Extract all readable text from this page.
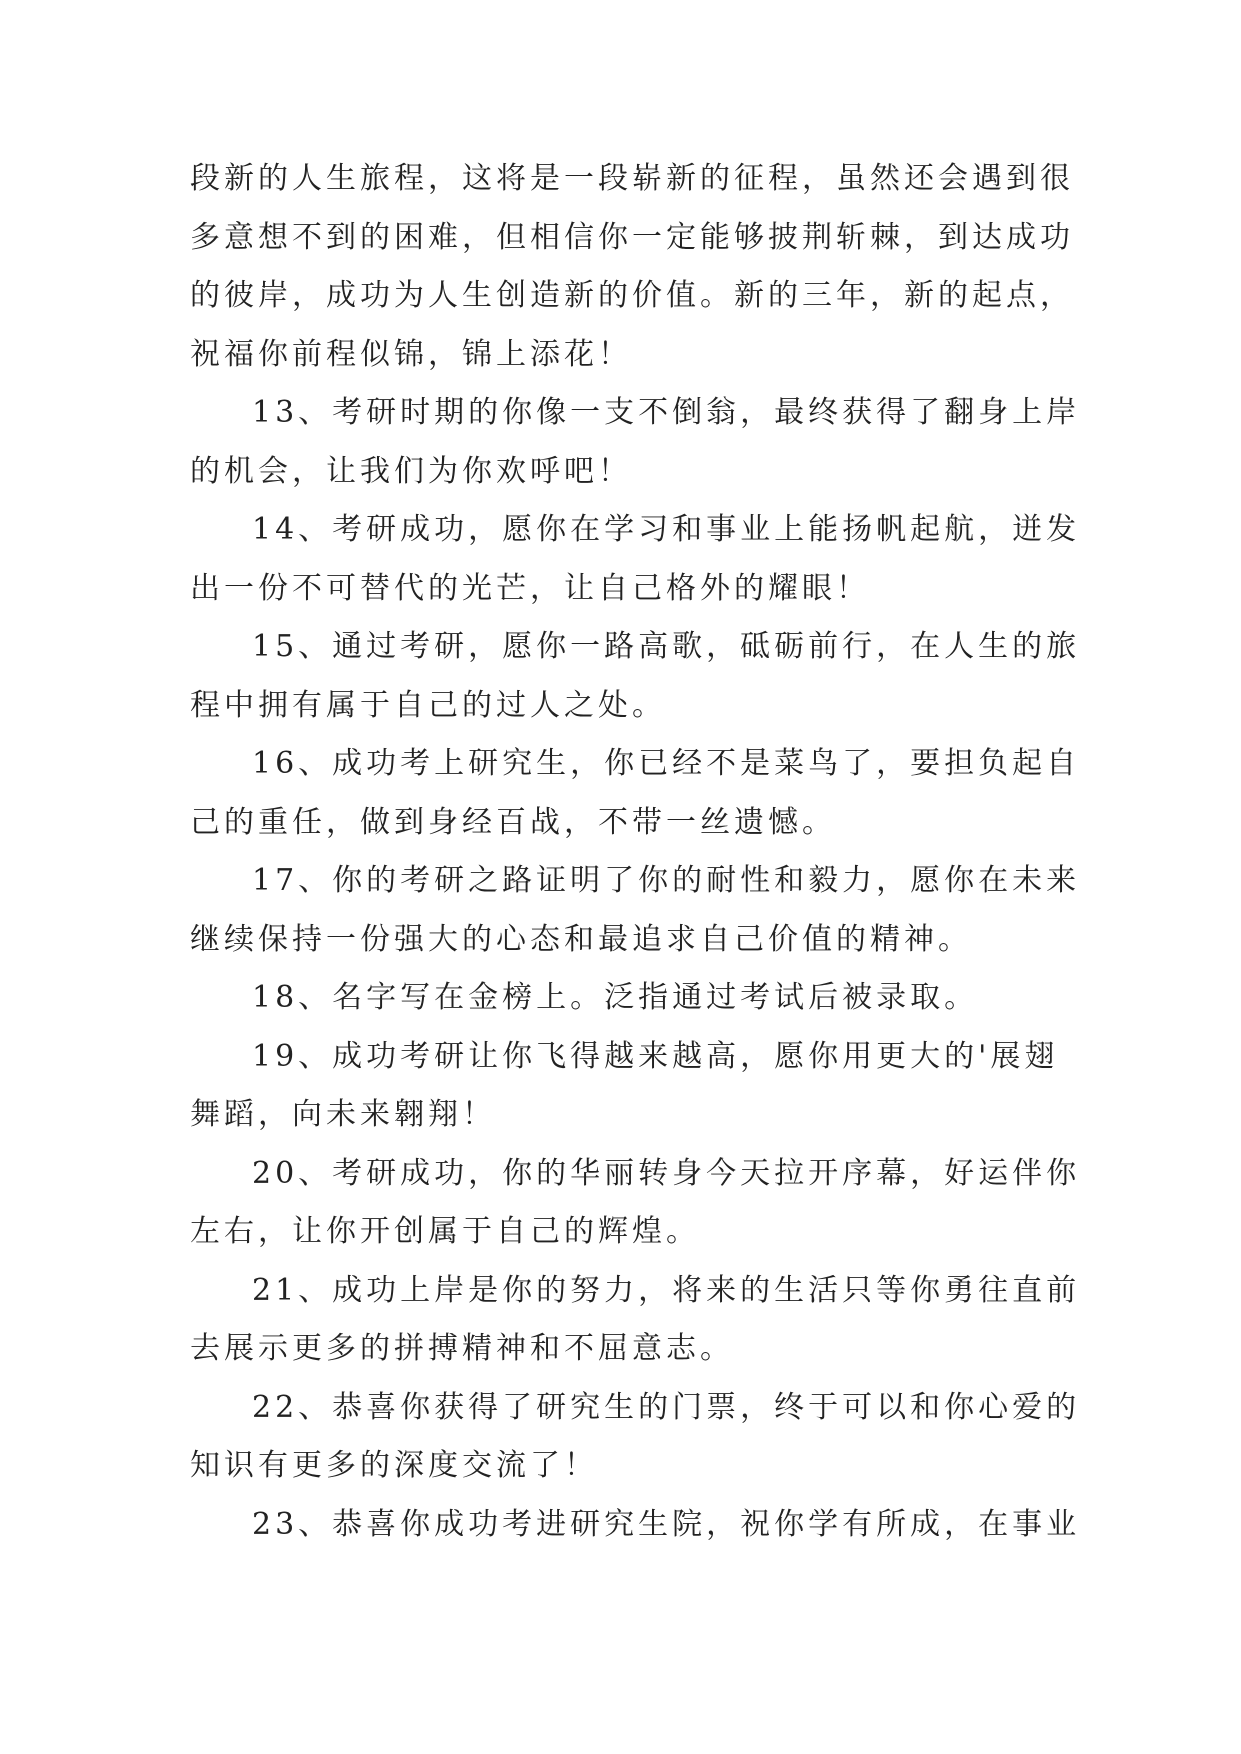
段新的人生旅程，这将是一段崭新的征程，虽然还会遇到很
多意想不到的困难，但相信你一定能够披荆斩棘，到达成功
的彼岸，成功为人生创造新的价值。新的三年，新的起点，
祝福你前程似锦，锦上添花！
13、考研时期的你像一支不倒翁，最终获得了翻身上岸
的机会，让我们为你欢呼吧！
14、考研成功，愿你在学习和事业上能扬帆起航，迸发
出一份不可替代的光芒，让自己格外的耀眼！
15、通过考研，愿你一路高歌，砥砺前行，在人生的旅
程中拥有属于自己的过人之处。
16、成功考上研究生，你已经不是菜鸟了，要担负起自
己的重任，做到身经百战，不带一丝遗憾。
17、你的考研之路证明了你的耐性和毅力，愿你在未来
继续保持一份强大的心态和最追求自己价值的精神。
18、名字写在金榜上。泛指通过考试后被录取。
19、成功考研让你飞得越来越高，愿你用更大的'展翅
舞蹈，向未来翱翔！
20、考研成功，你的华丽转身今天拉开序幕，好运伴你
左右，让你开创属于自己的辉煌。
21、成功上岸是你的努力，将来的生活只等你勇往直前
去展示更多的拼搏精神和不屈意志。
22、恭喜你获得了研究生的门票，终于可以和你心爱的
知识有更多的深度交流了！
23、恭喜你成功考进研究生院，祝你学有所成，在事业
